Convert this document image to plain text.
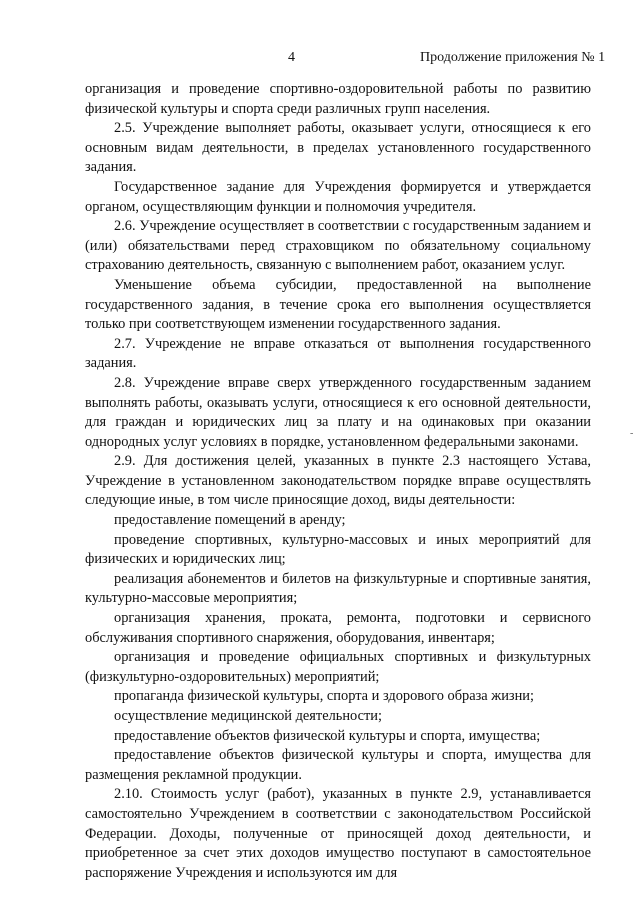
4	Продолжение приложения № 1

организация и проведение спортивно-оздоровительной работы по развитию физической культуры и спорта среди различных групп населения.

2.5. Учреждение выполняет работы, оказывает услуги, относящиеся к его основным видам деятельности, в пределах установленного государственного задания.

Государственное задание для Учреждения формируется и утверждается органом, осуществляющим функции и полномочия учредителя.

2.6. Учреждение осуществляет в соответствии с государственным заданием и (или) обязательствами перед страховщиком по обязательному социальному страхованию деятельность, связанную с выполнением работ, оказанием услуг.

Уменьшение объема субсидии, предоставленной на выполнение государственного задания, в течение срока его выполнения осуществляется только при соответствующем изменении государственного задания.

2.7. Учреждение не вправе отказаться от выполнения государственного задания.

2.8. Учреждение вправе сверх утвержденного государственным заданием выполнять работы, оказывать услуги, относящиеся к его основной деятельности, для граждан и юридических лиц за плату и на одинаковых при оказании однородных услуг условиях в порядке, установленном федеральными законами.

2.9. Для достижения целей, указанных в пункте 2.3 настоящего Устава, Учреждение в установленном законодательством порядке вправе осуществлять следующие иные, в том числе приносящие доход, виды деятельности:

предоставление помещений в аренду;

проведение спортивных, культурно-массовых и иных мероприятий для физических и юридических лиц;

реализация абонементов и билетов на физкультурные и спортивные занятия, культурно-массовые мероприятия;

организация хранения, проката, ремонта, подготовки и сервисного обслуживания спортивного снаряжения, оборудования, инвентаря;

организация и проведение официальных спортивных и физкультурных (физкультурно-оздоровительных) мероприятий;

пропаганда физической культуры, спорта и здорового образа жизни;

осуществление медицинской деятельности;

предоставление объектов физической культуры и спорта, имущества;

предоставление объектов физической культуры и спорта, имущества для размещения рекламной продукции.

2.10. Стоимость услуг (работ), указанных в пункте 2.9, устанавливается самостоятельно Учреждением в соответствии с законодательством Российской Федерации. Доходы, полученные от приносящей доход деятельности, и приобретенное за счет этих доходов имущество поступают в самостоятельное распоряжение Учреждения и используются им для

-
